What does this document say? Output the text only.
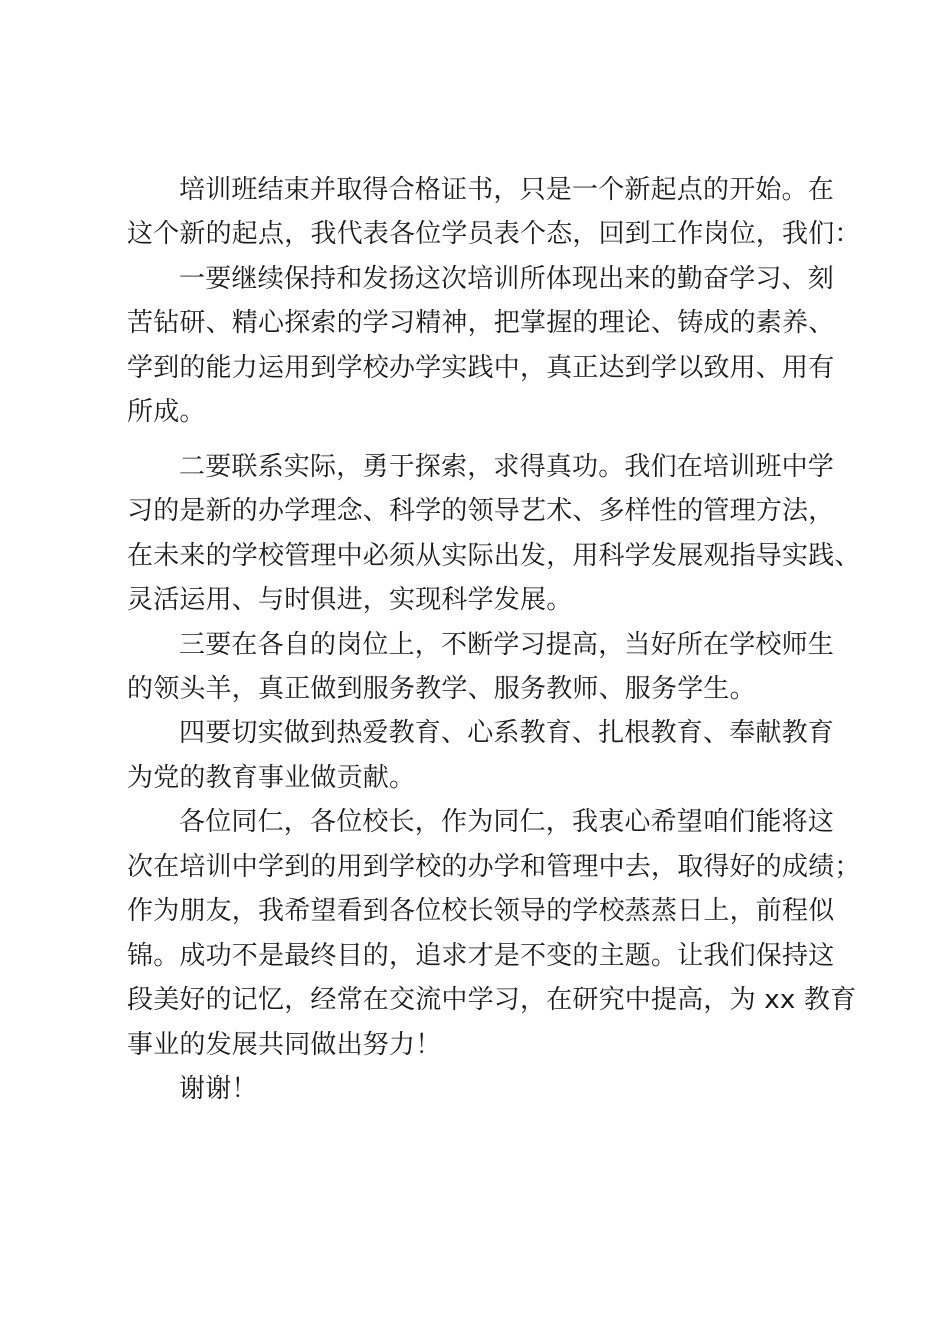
培训班结束并取得合格证书，只是一个新起点的开始。在
这个新的起点，我代表各位学员表个态，回到工作岗位，我们：
一要继续保持和发扬这次培训所体现出来的勤奋学习、刻
苦钻研、精心探索的学习精神，把掌握的理论、铸成的素养、
学到的能力运用到学校办学实践中，真正达到学以致用、用有
所成。
二要联系实际，勇于探索，求得真功。我们在培训班中学
习的是新的办学理念、科学的领导艺术、多样性的管理方法，
在未来的学校管理中必须从实际出发，用科学发展观指导实践、
灵活运用、与时俱进，实现科学发展。
三要在各自的岗位上，不断学习提高，当好所在学校师生
的领头羊，真正做到服务教学、服务教师、服务学生。
四要切实做到热爱教育、心系教育、扎根教育、奉献教育
为党的教育事业做贡献。
各位同仁，各位校长，作为同仁，我衷心希望咱们能将这
次在培训中学到的用到学校的办学和管理中去，取得好的成绩；
作为朋友，我希望看到各位校长领导的学校蒸蒸日上，前程似
锦。成功不是最终目的，追求才是不变的主题。让我们保持这
段美好的记忆，经常在交流中学习，在研究中提高，为 xx 教育
事业的发展共同做出努力！
谢谢！
